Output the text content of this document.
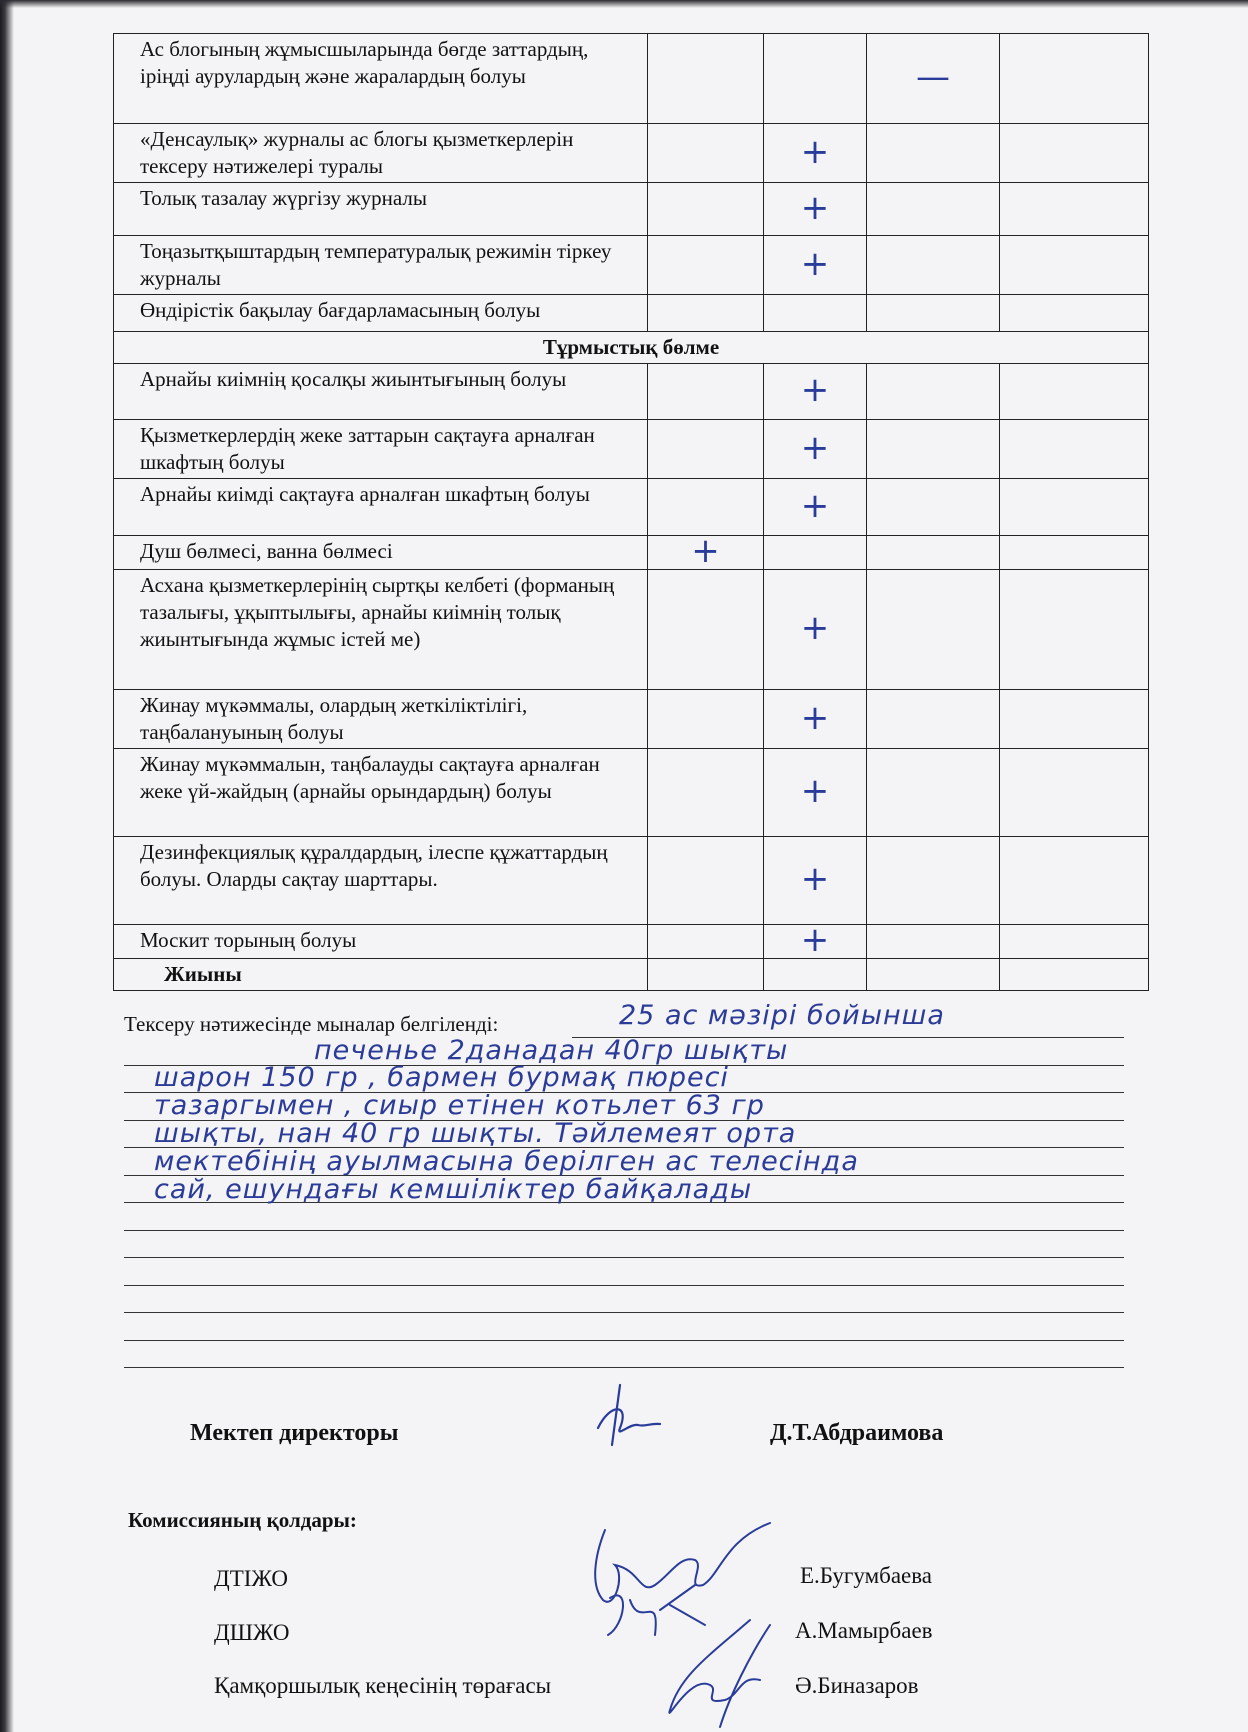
Ас блогының жұмысшыларында бөгде заттардың, іріңді аурулардың және жаралардың болуы			—	
«Денсаулық» журналы ас блогы қызметкерлерін тексеру нәтижелері туралы		+		
Толық тазалау жүргізу журналы		+		
Тоңазытқыштардың температуралық режимін тіркеу журналы		+		
Өндірістік бақылау бағдарламасының болуы				
Тұрмыстық бөлме				
Арнайы киімнің қосалқы жиынтығының болуы		+		
Қызметкерлердің жеке заттарын сақтауға арналған шкафтың болуы		+		
Арнайы киімді сақтауға арналған шкафтың болуы		+		
Душ бөлмесі, ванна бөлмесі	+			
Асхана қызметкерлерінің сыртқы келбеті (форманың тазалығы, ұқыптылығы, арнайы киімнің толық жиынтығында жұмыс істей ме)		+		
Жинау мүкәммалы, олардың жеткіліктілігі, таңбалануының болуы		+		
Жинау мүкәммалын, таңбалауды сақтауға арналған жеке үй-жайдың (арнайы орындардың) болуы		+		
Дезинфекциялық құралдардың, ілеспе құжаттардың болуы. Оларды сақтау шарттары.		+		
Москит торының болуы		+		
Жиыны				
Тексеру нәтижесінде мыналар белгіленді:	25 ас мәзірі бойынша
печенье 2данадан 40гр шықты
шарон 150 гр , бармен бурмақ пюресі
тазаргымен , сиыр етінен котьлет 63 гр
шықты, нан 40 гр шықты. Тәйлемеят орта
мектебінің ауылмасына берілген ас телесінда
сай, ешундағы кемшіліктер байқалады
Мектеп директоры	Д.Т.Абдраимова
Комиссияның қолдары:
ДТІЖО	Е.Бугумбаева
ДШЖО	А.Мамырбаев
Қамқоршылық кеңесінің төрағасы	Ә.Биназаров
